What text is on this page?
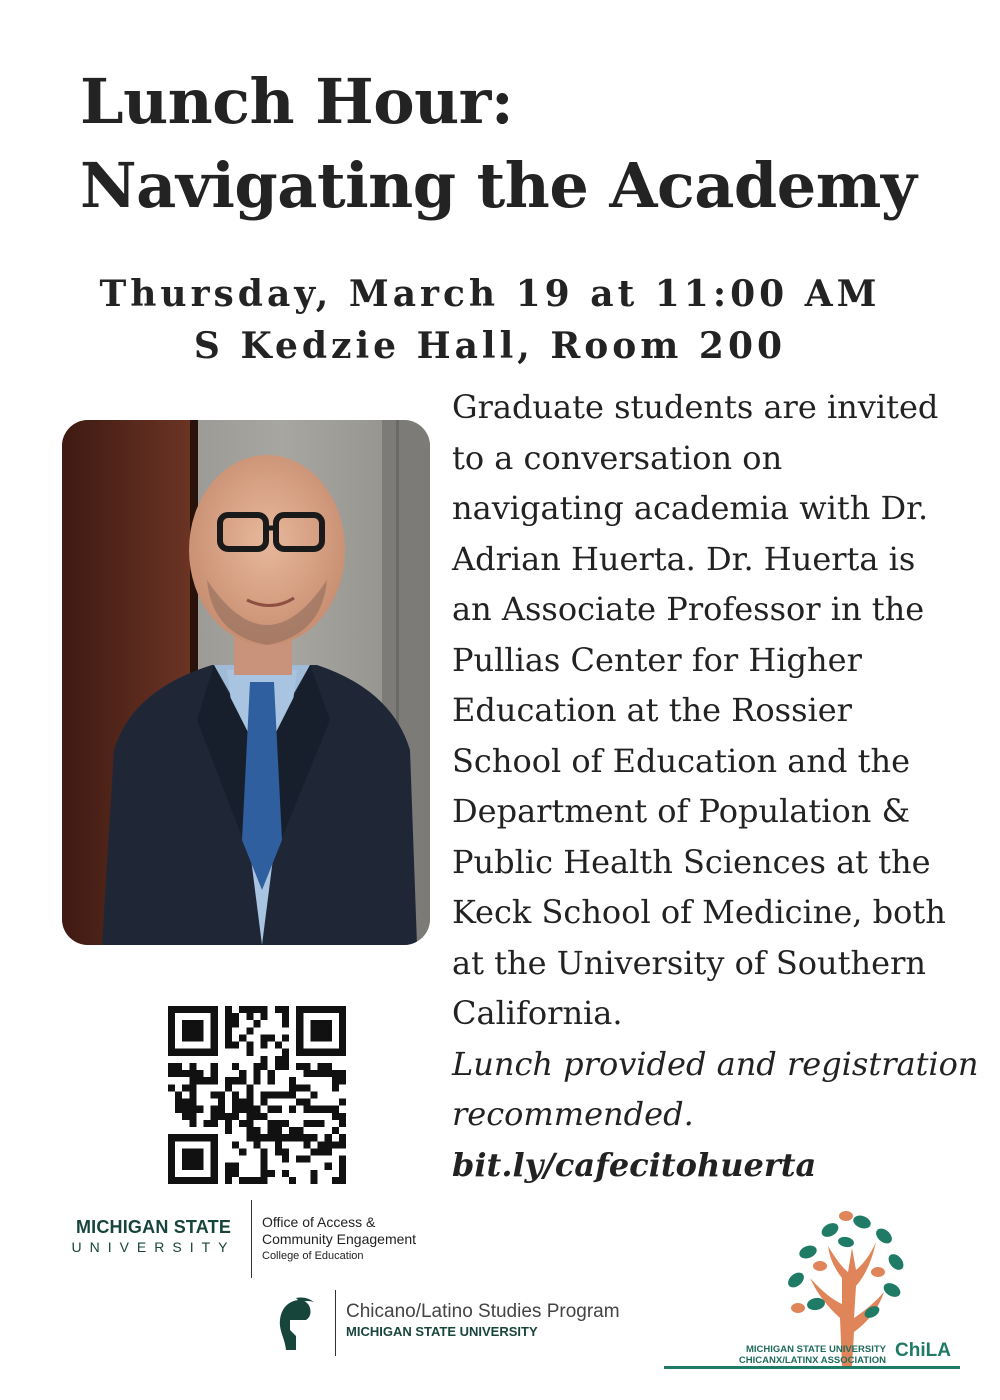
Lunch Hour:
Navigating the Academy
Thursday, March 19 at 11:00 AM
S Kedzie Hall, Room 200
Graduate students are invited
to a conversation on
navigating academia with Dr.
Adrian Huerta. Dr. Huerta is
an Associate Professor in the
Pullias Center for Higher
Education at the Rossier
School of Education and the
Department of Population &
Public Health Sciences at the
Keck School of Medicine, both
at the University of Southern
California.
Lunch provided and registration
recommended.
bit.ly/cafecitohuerta
MICHIGAN STATE
UNIVERSITY
Office of Access &
Community Engagement
College of Education
Chicano/Latino Studies Program
MICHIGAN STATE UNIVERSITY
MICHIGAN STATE UNIVERSITY
CHICANX/LATINX ASSOCIATION ChiLA
